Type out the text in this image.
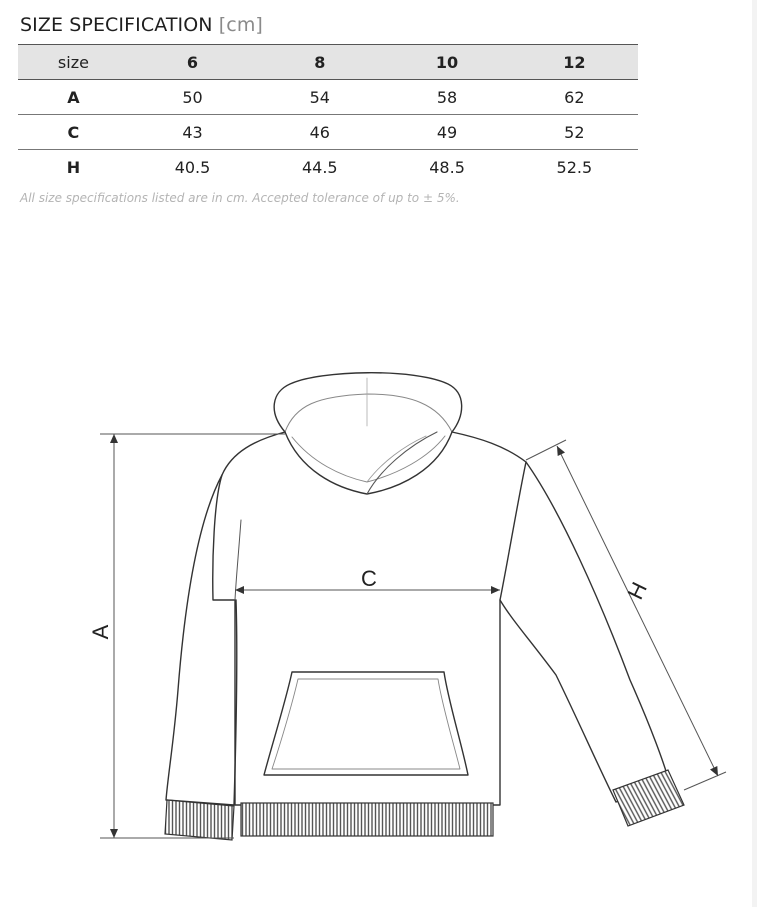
SIZE SPECIFICATION [cm]
size	6	8	10	12
A	50	54	58	62
C	43	46	49	52
H	40.5	44.5	48.5	52.5
All size specifications listed are in cm. Accepted tolerance of up to ± 5%.
A
C	H
